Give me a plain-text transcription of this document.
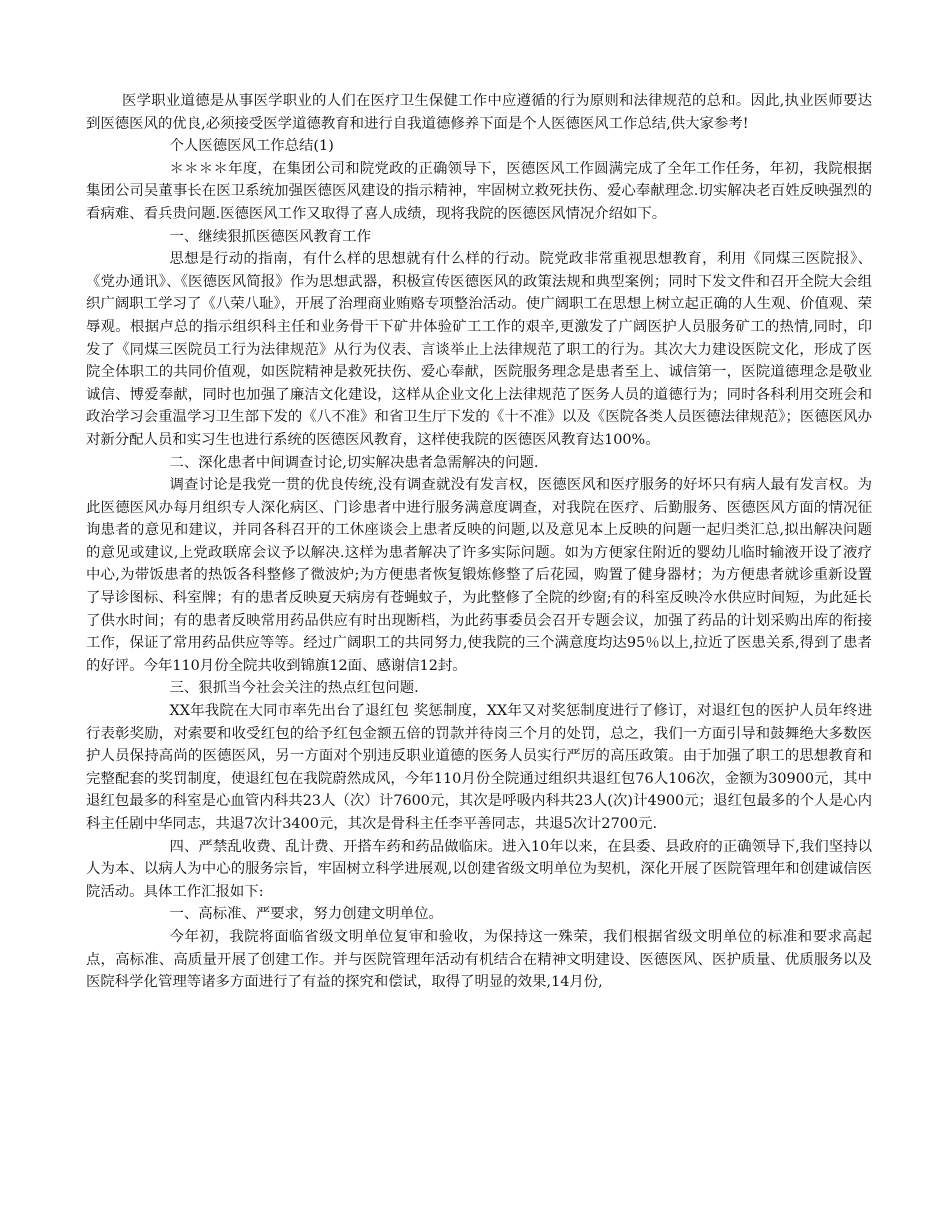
医学职业道德是从事医学职业的人们在医疗卫生保健工作中应遵循的行为原则和法律规范的总和。因此,执业医师要达到医德医风的优良,必须接受医学道德教育和进行自我道德修养下面是个人医德医风工作总结,供大家参考!

个人医德医风工作总结(1)

＊＊＊＊年度，在集团公司和院党政的正确领导下，医德医风工作圆满完成了全年工作任务，年初，我院根据集团公司吴董事长在医卫系统加强医德医风建设的指示精神，牢固树立救死扶伤、爱心奉献理念.切实解决老百姓反映强烈的看病难、看兵贵问题.医德医风工作又取得了喜人成绩，现将我院的医德医风情况介绍如下。

一、继续狠抓医德医风教育工作

思想是行动的指南，有什么样的思想就有什么样的行动。院党政非常重视思想教育，利用《同煤三医院报》、《党办通讯》、《医德医风简报》作为思想武器，积极宣传医德医风的政策法规和典型案例；同时下发文件和召开全院大会组织广阔职工学习了《八荣八耻》，开展了治理商业贿赂专项整治活动。使广阔职工在思想上树立起正确的人生观、价值观、荣辱观。根据卢总的指示组织科主任和业务骨干下矿井体验矿工工作的艰辛,更激发了广阔医护人员服务矿工的热情,同时，印发了《同煤三医院员工行为法律规范》从行为仪表、言谈举止上法律规范了职工的行为。其次大力建设医院文化，形成了医院全体职工的共同价值观，如医院精神是救死扶伤、爱心奉献，医院服务理念是患者至上、诚信第一，医院道德理念是敬业诚信、博爱奉献，同时也加强了廉洁文化建设，这样从企业文化上法律规范了医务人员的道德行为；同时各科利用交班会和政治学习会重温学习卫生部下发的《八不准》和省卫生厅下发的《十不准》以及《医院各类人员医德法律规范》；医德医风办对新分配人员和实习生也进行系统的医德医风教育，这样使我院的医德医风教育达100%。

二、深化患者中间调查讨论,切实解决患者急需解决的问题.

调查讨论是我党一贯的优良传统,没有调查就没有发言权，医德医风和医疗服务的好坏只有病人最有发言权。为此医德医风办每月组织专人深化病区、门诊患者中进行服务满意度调查，对我院在医疗、后勤服务、医德医风方面的情况征询患者的意见和建议，并同各科召开的工休座谈会上患者反映的问题,以及意见本上反映的问题一起归类汇总,拟出解决问题的意见或建议,上党政联席会议予以解决.这样为患者解决了许多实际问题。如为方便家住附近的婴幼儿临时输液开设了液疗中心,为带饭患者的热饭各科整修了微波炉;为方便患者恢复锻炼修整了后花园，购置了健身器材；为方便患者就诊重新设置了导诊图标、科室牌；有的患者反映夏天病房有苍蝇蚊子，为此整修了全院的纱窗;有的科室反映冷水供应时间短，为此延长了供水时间；有的患者反映常用药品供应有时出现断档，为此药事委员会召开专题会议，加强了药品的计划采购出库的衔接工作，保证了常用药品供应等等。经过广阔职工的共同努力,使我院的三个满意度均达95％以上,拉近了医患关系,得到了患者的好评。今年110月份全院共收到锦旗12面、感谢信12封。

三、狠抓当今社会关注的热点红包问题.

XX年我院在大同市率先出台了退红包 奖惩制度，XX年又对奖惩制度进行了修订，对退红包的医护人员年终进行表彰奖励，对索要和收受红包的给予红包金额五倍的罚款并待岗三个月的处罚，总之，我们一方面引导和鼓舞绝大多数医护人员保持高尚的医德医风，另一方面对个别违反职业道德的医务人员实行严厉的高压政策。由于加强了职工的思想教育和完整配套的奖罚制度，使退红包在我院蔚然成风，今年110月份全院通过组织共退红包76人106次，金额为30900元，其中退红包最多的科室是心血管内科共23人（次）计7600元，其次是呼吸内科共23人(次)计4900元；退红包最多的个人是心内科主任剧中华同志，共退7次计3400元，其次是骨科主任李平善同志，共退5次计2700元.

四、严禁乱收费、乱计费、开搭车药和药品做临床。进入10年以来，在县委、县政府的正确领导下,我们坚持以人为本、以病人为中心的服务宗旨，牢固树立科学进展观,以创建省级文明单位为契机，深化开展了医院管理年和创建诚信医院活动。具体工作汇报如下:

一、高标准、严要求，努力创建文明单位。

今年初，我院将面临省级文明单位复审和验收，为保持这一殊荣，我们根据省级文明单位的标准和要求高起点，高标准、高质量开展了创建工作。并与医院管理年活动有机结合在精神文明建设、医德医风、医护质量、优质服务以及医院科学化管理等诸多方面进行了有益的探究和偿试，取得了明显的效果,14月份,
